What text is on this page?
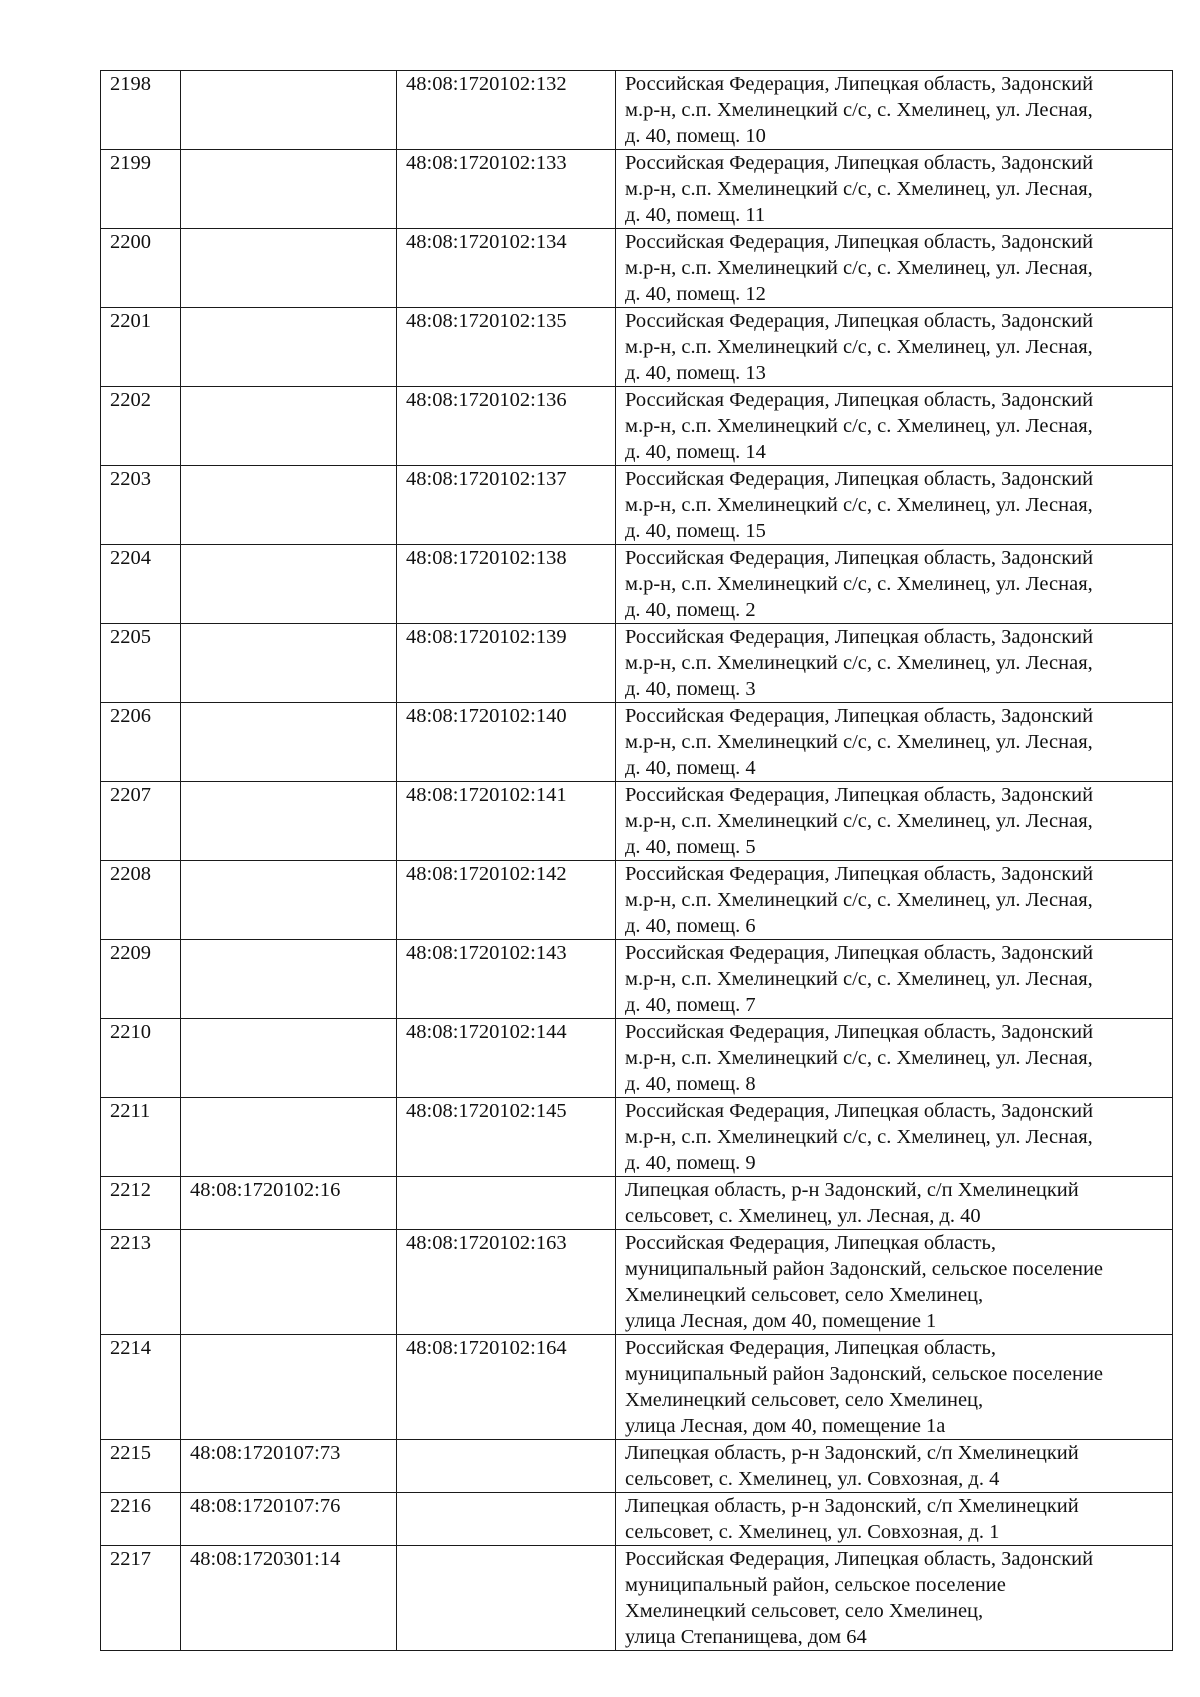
2198		48:08:1720102:132	Российская Федерация, Липецкая область, Задонский
м.р-н, с.п. Хмелинецкий с/с, с. Хмелинец, ул. Лесная,
д. 40, помещ. 10
2199		48:08:1720102:133	Российская Федерация, Липецкая область, Задонский
м.р-н, с.п. Хмелинецкий с/с, с. Хмелинец, ул. Лесная,
д. 40, помещ. 11
2200		48:08:1720102:134	Российская Федерация, Липецкая область, Задонский
м.р-н, с.п. Хмелинецкий с/с, с. Хмелинец, ул. Лесная,
д. 40, помещ. 12
2201		48:08:1720102:135	Российская Федерация, Липецкая область, Задонский
м.р-н, с.п. Хмелинецкий с/с, с. Хмелинец, ул. Лесная,
д. 40, помещ. 13
2202		48:08:1720102:136	Российская Федерация, Липецкая область, Задонский
м.р-н, с.п. Хмелинецкий с/с, с. Хмелинец, ул. Лесная,
д. 40, помещ. 14
2203		48:08:1720102:137	Российская Федерация, Липецкая область, Задонский
м.р-н, с.п. Хмелинецкий с/с, с. Хмелинец, ул. Лесная,
д. 40, помещ. 15
2204		48:08:1720102:138	Российская Федерация, Липецкая область, Задонский
м.р-н, с.п. Хмелинецкий с/с, с. Хмелинец, ул. Лесная,
д. 40, помещ. 2
2205		48:08:1720102:139	Российская Федерация, Липецкая область, Задонский
м.р-н, с.п. Хмелинецкий с/с, с. Хмелинец, ул. Лесная,
д. 40, помещ. 3
2206		48:08:1720102:140	Российская Федерация, Липецкая область, Задонский
м.р-н, с.п. Хмелинецкий с/с, с. Хмелинец, ул. Лесная,
д. 40, помещ. 4
2207		48:08:1720102:141	Российская Федерация, Липецкая область, Задонский
м.р-н, с.п. Хмелинецкий с/с, с. Хмелинец, ул. Лесная,
д. 40, помещ. 5
2208		48:08:1720102:142	Российская Федерация, Липецкая область, Задонский
м.р-н, с.п. Хмелинецкий с/с, с. Хмелинец, ул. Лесная,
д. 40, помещ. 6
2209		48:08:1720102:143	Российская Федерация, Липецкая область, Задонский
м.р-н, с.п. Хмелинецкий с/с, с. Хмелинец, ул. Лесная,
д. 40, помещ. 7
2210		48:08:1720102:144	Российская Федерация, Липецкая область, Задонский
м.р-н, с.п. Хмелинецкий с/с, с. Хмелинец, ул. Лесная,
д. 40, помещ. 8
2211		48:08:1720102:145	Российская Федерация, Липецкая область, Задонский
м.р-н, с.п. Хмелинецкий с/с, с. Хмелинец, ул. Лесная,
д. 40, помещ. 9
2212	48:08:1720102:16		Липецкая область, р-н Задонский, с/п Хмелинецкий
сельсовет, с. Хмелинец, ул. Лесная, д. 40
2213		48:08:1720102:163	Российская Федерация, Липецкая область,
муниципальный район Задонский, сельское поселение
Хмелинецкий сельсовет, село Хмелинец,
улица Лесная, дом 40, помещение 1
2214		48:08:1720102:164	Российская Федерация, Липецкая область,
муниципальный район Задонский, сельское поселение
Хмелинецкий сельсовет, село Хмелинец,
улица Лесная, дом 40, помещение 1а
2215	48:08:1720107:73		Липецкая область, р-н Задонский, с/п Хмелинецкий
сельсовет, с. Хмелинец, ул. Совхозная, д. 4
2216	48:08:1720107:76		Липецкая область, р-н Задонский, с/п Хмелинецкий
сельсовет, с. Хмелинец, ул. Совхозная, д. 1
2217	48:08:1720301:14		Российская Федерация, Липецкая область, Задонский
муниципальный район, сельское поселение
Хмелинецкий сельсовет, село Хмелинец,
улица Степанищева, дом 64
